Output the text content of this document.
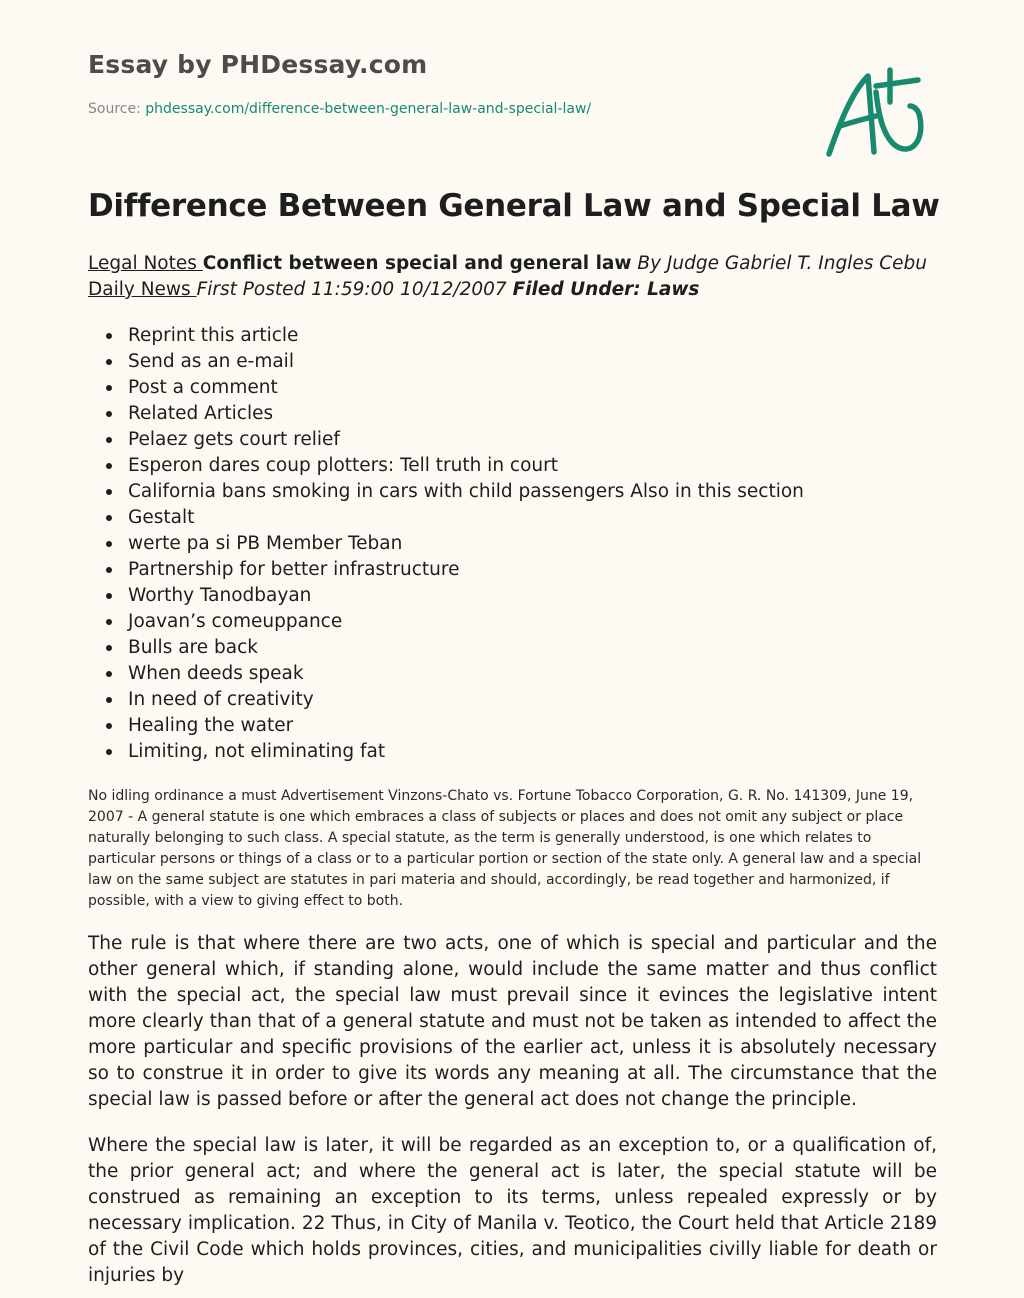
Essay by PHDessay.com
Source: phdessay.com/difference-between-general-law-and-special-law/
Difference Between General Law and Special Law
Legal Notes Conflict between special and general law By Judge Gabriel T. Ingles Cebu Daily News First Posted 11:59:00 10/12/2007 Filed Under: Laws
Reprint this article
Send as an e-mail
Post a comment
Related Articles
Pelaez gets court relief
Esperon dares coup plotters: Tell truth in court
California bans smoking in cars with child passengers Also in this section
Gestalt
werte pa si PB Member Teban
Partnership for better infrastructure
Worthy Tanodbayan
Joavan’s comeuppance
Bulls are back
When deeds speak
In need of creativity
Healing the water
Limiting, not eliminating fat

No idling ordinance a must Advertisement Vinzons-Chato vs. Fortune Tobacco Corporation, G. R. No. 141309, June 19, 2007 - A general statute is one which embraces a class of subjects or places and does not omit any subject or place naturally belonging to such class. A special statute, as the term is generally understood, is one which relates to particular persons or things of a class or to a particular portion or section of the state only. A general law and a special law on the same subject are statutes in pari materia and should, accordingly, be read together and harmonized, if possible, with a view to giving effect to both.

The rule is that where there are two acts, one of which is special and particular and the other general which, if standing alone, would include the same matter and thus conflict with the special act, the special law must prevail since it evinces the legislative intent more clearly than that of a general statute and must not be taken as intended to affect the more particular and specific provisions of the earlier act, unless it is absolutely necessary so to construe it in order to give its words any meaning at all. The circumstance that the special law is passed before or after the general act does not change the principle.

Where the special law is later, it will be regarded as an exception to, or a qualification of, the prior general act; and where the general act is later, the special statute will be construed as remaining an exception to its terms, unless repealed expressly or by necessary implication. 22 Thus, in City of Manila v. Teotico, the Court held that Article 2189 of the Civil Code which holds provinces, cities, and municipalities civilly liable for death or injuries by
